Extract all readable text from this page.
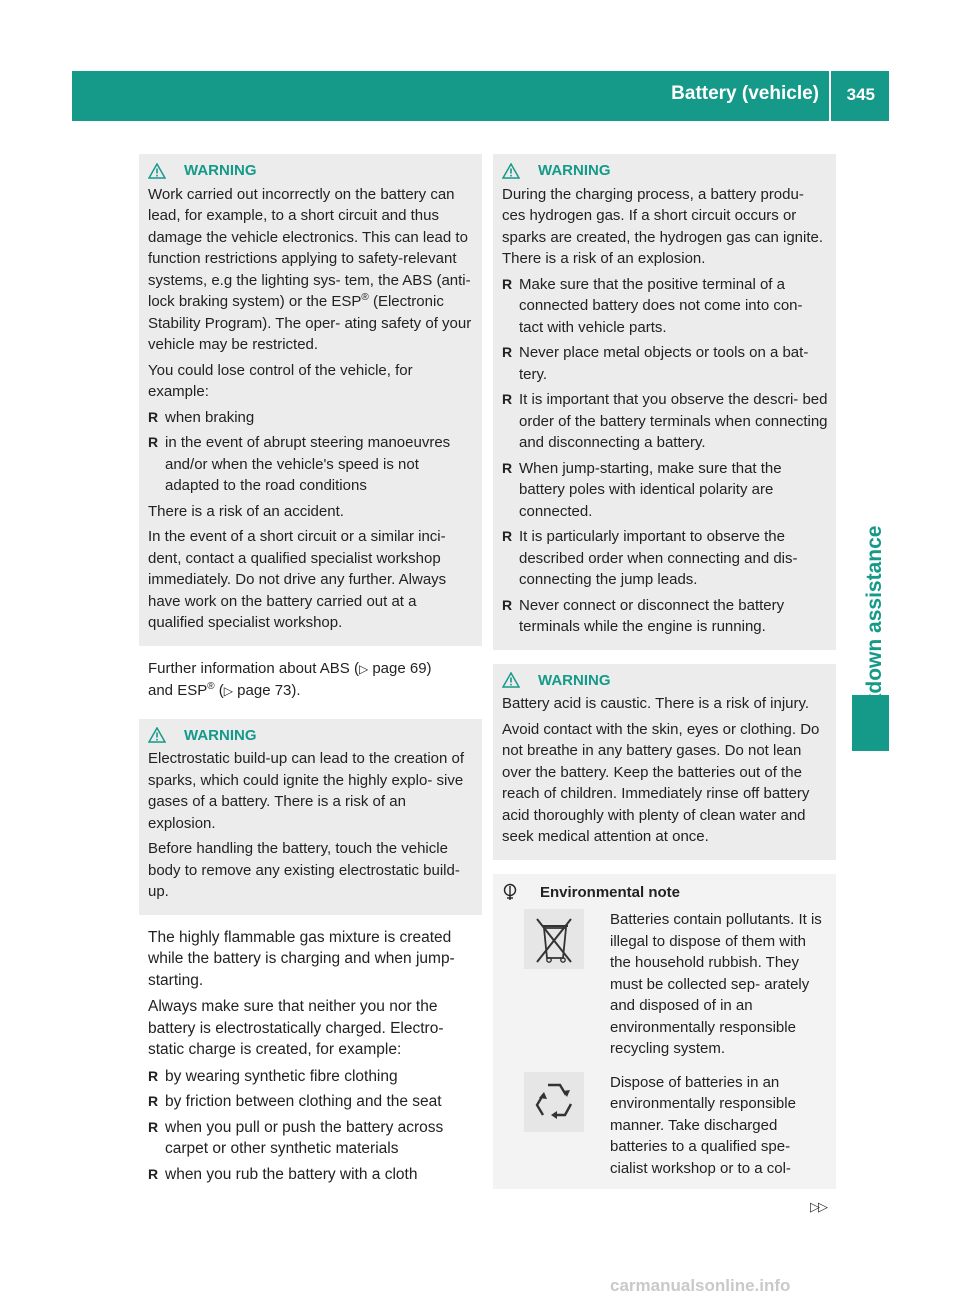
Battery (vehicle) 345
Breakdown assistance
WARNING

Work carried out incorrectly on the battery can lead, for example, to a short circuit and thus damage the vehicle electronics. This can lead to function restrictions applying to safety-relevant systems, e.g the lighting sys- tem, the ABS (anti-lock braking system) or the ESP® (Electronic Stability Program). The oper- ating safety of your vehicle may be restricted.

You could lose control of the vehicle, for example:

R when braking
R in the event of abrupt steering manoeuvres and/or when the vehicle's speed is not adapted to the road conditions

There is a risk of an accident.

In the event of a short circuit or a similar inci- dent, contact a qualified specialist workshop immediately. Do not drive any further. Always have work on the battery carried out at a qualified specialist workshop.

Further information about ABS (▷ page 69)
and ESP® (▷ page 73).

WARNING

Electrostatic build-up can lead to the creation of sparks, which could ignite the highly explo- sive gases of a battery. There is a risk of an explosion.

Before handling the battery, touch the vehicle body to remove any existing electrostatic build-up.

The highly flammable gas mixture is created while the battery is charging and when jump- starting.

Always make sure that neither you nor the battery is electrostatically charged. Electro- static charge is created, for example:

R by wearing synthetic fibre clothing
R by friction between clothing and the seat
R when you pull or push the battery across carpet or other synthetic materials
R when you rub the battery with a cloth
WARNING

During the charging process, a battery produ- ces hydrogen gas. If a short circuit occurs or sparks are created, the hydrogen gas can ignite. There is a risk of an explosion.

R Make sure that the positive terminal of a connected battery does not come into con- tact with vehicle parts.
R Never place metal objects or tools on a bat- tery.
R It is important that you observe the descri- bed order of the battery terminals when connecting and disconnecting a battery.
R When jump-starting, make sure that the battery poles with identical polarity are connected.
R It is particularly important to observe the described order when connecting and dis- connecting the jump leads.
R Never connect or disconnect the battery terminals while the engine is running.
WARNING

Battery acid is caustic. There is a risk of injury.

Avoid contact with the skin, eyes or clothing. Do not breathe in any battery gases. Do not lean over the battery. Keep the batteries out of the reach of children. Immediately rinse off battery acid thoroughly with plenty of clean water and seek medical attention at once.

Environmental note
Batteries contain pollutants. It is illegal to dispose of them with the household rubbish. They must be collected sep- arately and disposed of in an environmentally responsible recycling system.
Dispose of batteries in an environmentally responsible manner. Take discharged batteries to a qualified spe- cialist workshop or to a col-
▷▷
carmanualsonline.info
